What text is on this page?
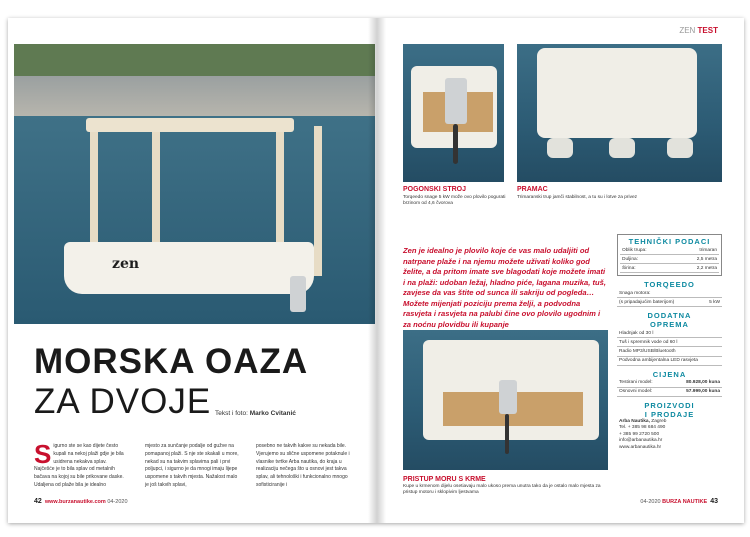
zen
MORSKA OAZA
ZA DVOJE Tekst i foto: Marko Cvitanić
Sigurno ste se kao dijete često kupali na nekoj plaži gdje je bila usidrena nekakva splav. Najčešće je to bila splav od metalnih bačava na kojoj su bile prikovane daske. Udaljena od plaže bila je idealno
mjesto za sunčanje podalje od gužve na pomapanoj plaži. S nje ste skakali u more, nekad su na takvim splavima pali i prvi poljupci, i sigurno je da mnogi imaju lijepe uspomene s takvih mjesta. Nažalost malo je još takvih splavi,
posebno ne takvih kakve su nekada bile. Vjerujemo su slične uspomene potaknule i vlasnike tvrtke Arba nautika, do kraja u realizaciju nečega što u osnovi jest takva splav, ali tehnološki i funkcionalno mnogo sofisticiranije i
42 www.burzanautike.com 04-2020
ZEN TEST
POGONSKI STROJ
Torqeedo snage 5 kW može ovo plovilo pogurati brzinom od 4,6 čvorova
PRAMAC
Trimaranski trup jamči stabilnost, a tu su i lotve za privez
Zen je idealno je plovilo koje će vas malo udaljiti od natrpane plaže i na njemu možete uživati koliko god želite, a da pritom imate sve blagodati koje možete imati i na plaži: udoban ležaj, hladno piće, lagana muzika, tuš, zavjese da vas štite od sunca ili sakriju od pogleda… Možete mijenjati poziciju prema želji, a podvodna rasvjeta i rasvjeta na palubi čine ovo plovilo ugodnim i za noćnu plovidbu ili kupanje
PRISTUP MORU S KRME
Kupe u krmenom dijelu osetiavaju malo ukoso prema unutra tako da je ostalo malo mjesta za pristup motoru i sklopivim ljestvama
TEHNIČKI PODACI
Oblik trupa:	trimaran
Duljina:	2,5 metra
Širina:	2,2 metra
TORQEEDO
Snaga motora:	
(s pripadajućim baterijom)	5 kW
DODATNA
OPREMA
Hladnjak od 30 l
Tuš i spremnik vode od 60 l
Radio MP3/USB/Bluetooth
Podvodna ambijentalna LED rasvjeta
CIJENA
Testirani model:	80.928,00 kuna
Osnovni model:	57.999,00 kuna
PROIZVODI
I PRODAJE
Arba Nautika, Zagreb
Tel. + 385 98 684 490
+ 385 99 2720 500
info@arbanautika.hr
www.arbanautika.hr
04-2020 BURZA NAUTIKE 43
